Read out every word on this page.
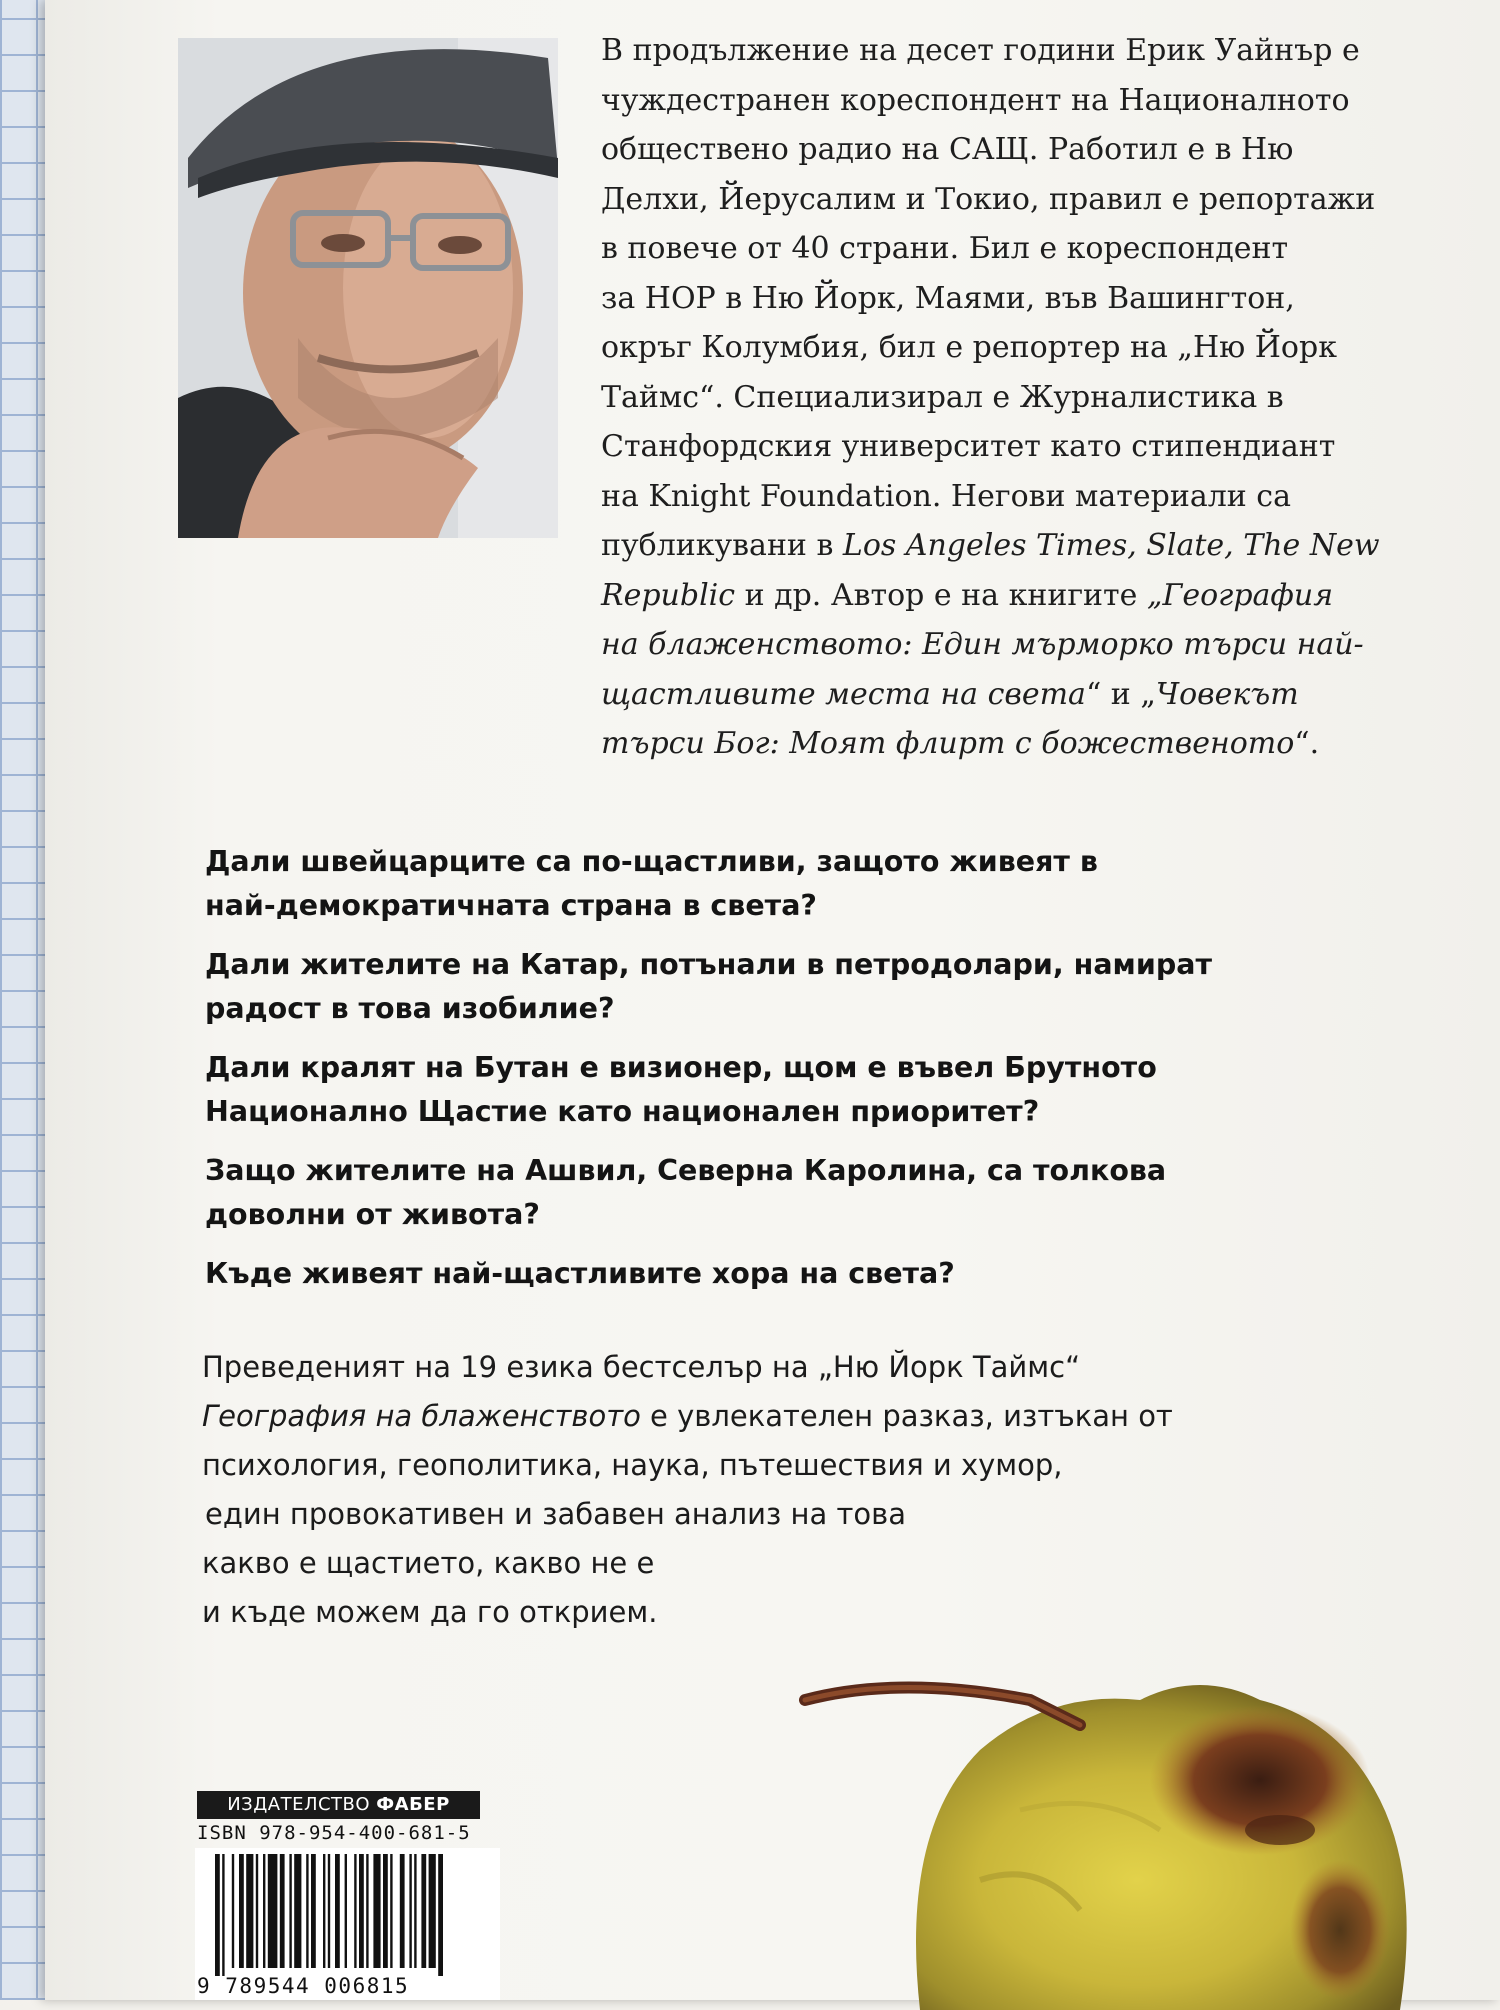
В продължение на десет години Ерик Уайнър е
чуждестранен кореспондент на Националното
обществено радио на САЩ. Работил е в Ню
Делхи, Йерусалим и Токио, правил е репортажи
в повече от 40 страни. Бил е кореспондент
за НОР в Ню Йорк, Маями, във Вашингтон,
окръг Колумбия, бил е репортер на „Ню Йорк
Таймс“. Специализирал е Журналистика в
Станфордския университет като стипендиант
на Knight Foundation. Негови материали са
публикувани в Los Angeles Times, Slate, The New
Republic и др. Автор е на книгите „География
на блаженството: Един мърморко търси най-
щастливите места на света“ и „Човекът
търси Бог: Моят флирт с божественото“.
Дали швейцарците са по-щастливи, защото живеят в
най-демократичната страна в света?
Дали жителите на Катар, потънали в петродолари, намират
радост в това изобилие?
Дали кралят на Бутан е визионер, щом е въвел Брутното
Национално Щастие като национален приоритет?
Защо жителите на Ашвил, Северна Каролина, са толкова
доволни от живота?
Къде живеят най-щастливите хора на света?
Преведеният на 19 езика бестселър на „Ню Йорк Таймс“
География на блаженството е увлекателен разказ, изтъкан от
психология, геополитика, наука, пътешествия и хумор,
един провокативен и забавен анализ на това
какво е щастието, какво не е
и къде можем да го открием.
ИЗДАТЕЛСТВО ФАБЕР
ISBN 978-954-400-681-5
9 789544 006815
